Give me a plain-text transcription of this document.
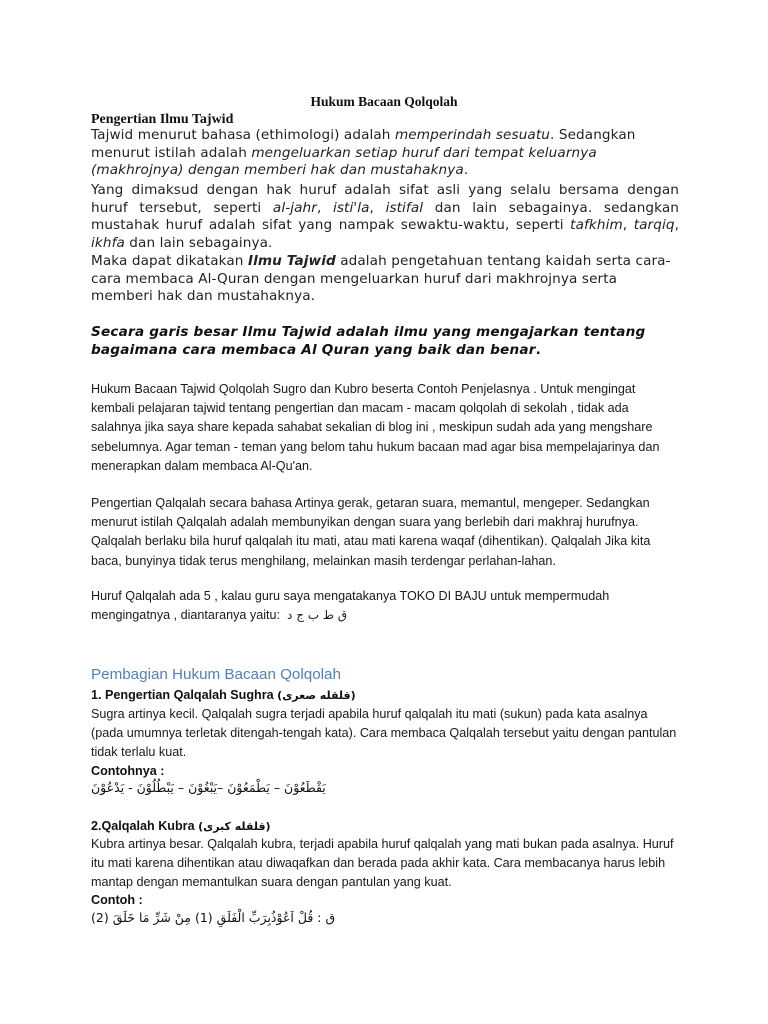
Hukum Bacaan Qolqolah
Pengertian Ilmu Tajwid
Tajwid menurut bahasa (ethimologi) adalah memperindah sesuatu. Sedangkan menurut istilah adalah mengeluarkan setiap huruf dari tempat keluarnya (makhrojnya) dengan memberi hak dan mustahaknya.
Yang dimaksud dengan hak huruf adalah sifat asli yang selalu bersama dengan huruf tersebut, seperti al-jahr, isti'la, istifal dan lain sebagainya. sedangkan mustahak huruf adalah sifat yang nampak sewaktu-waktu, seperti tafkhim, tarqiq, ikhfa dan lain sebagainya.
Maka dapat dikatakan Ilmu Tajwid adalah pengetahuan tentang kaidah serta cara-cara membaca Al-Quran dengan mengeluarkan huruf dari makhrojnya serta memberi hak dan mustahaknya.
Secara garis besar Ilmu Tajwid adalah ilmu yang mengajarkan tentang bagaimana cara membaca Al Quran yang baik dan benar.
Hukum Bacaan Tajwid Qolqolah Sugro dan Kubro beserta Contoh Penjelasnya . Untuk mengingat kembali pelajaran tajwid tentang pengertian dan macam - macam qolqolah di sekolah , tidak ada salahnya jika saya share kepada sahabat sekalian di blog ini , meskipun sudah ada yang mengshare sebelumnya. Agar teman - teman yang belom tahu hukum bacaan mad agar bisa mempelajarinya dan menerapkan dalam membaca Al-Qu'an.
Pengertian Qalqalah secara bahasa Artinya gerak, getaran suara, memantul, mengeper. Sedangkan menurut istilah Qalqalah adalah membunyikan dengan suara yang berlebih dari makhraj hurufnya. Qalqalah berlaku bila huruf qalqalah itu mati, atau mati karena waqaf (dihentikan). Qalqalah Jika kita baca, bunyinya tidak terus menghilang, melainkan masih terdengar perlahan-lahan.
Huruf Qalqalah ada 5 , kalau guru saya mengatakanya TOKO DI BAJU untuk mempermudah mengingatnya , diantaranya yaitu: ق ط ب ج د
Pembagian Hukum Bacaan Qolqolah
1. Pengertian Qalqalah Sughra (قلقله صعرى)
Sugra artinya kecil. Qalqalah sugra terjadi apabila huruf qalqalah itu mati (sukun) pada kata asalnya (pada umumnya terletak ditengah-tengah kata). Cara membaca Qalqalah tersebut yaitu dengan pantulan tidak terlalu kuat.
Contohnya :
يَقْطَعُوْنَ – يَطْمَعُوْنَ –يَبْغُوْنَ – يَبْطُلُوْنَ - يَدْعُوْنَ
2.Qalqalah Kubra (قلقله كبرى)
Kubra artinya besar. Qalqalah kubra, terjadi apabila huruf qalqalah yang mati bukan pada asalnya. Huruf itu mati karena dihentikan atau diwaqafkan dan berada pada akhir kata. Cara membacanya harus lebih mantap dengan memantulkan suara dengan pantulan yang kuat.
Contoh :
ق : قُلْ اَعُوْذُبِرَبِّ الْفَلَقِ (1) مِنْ شَرِّ مَا خَلَقَ (2)
